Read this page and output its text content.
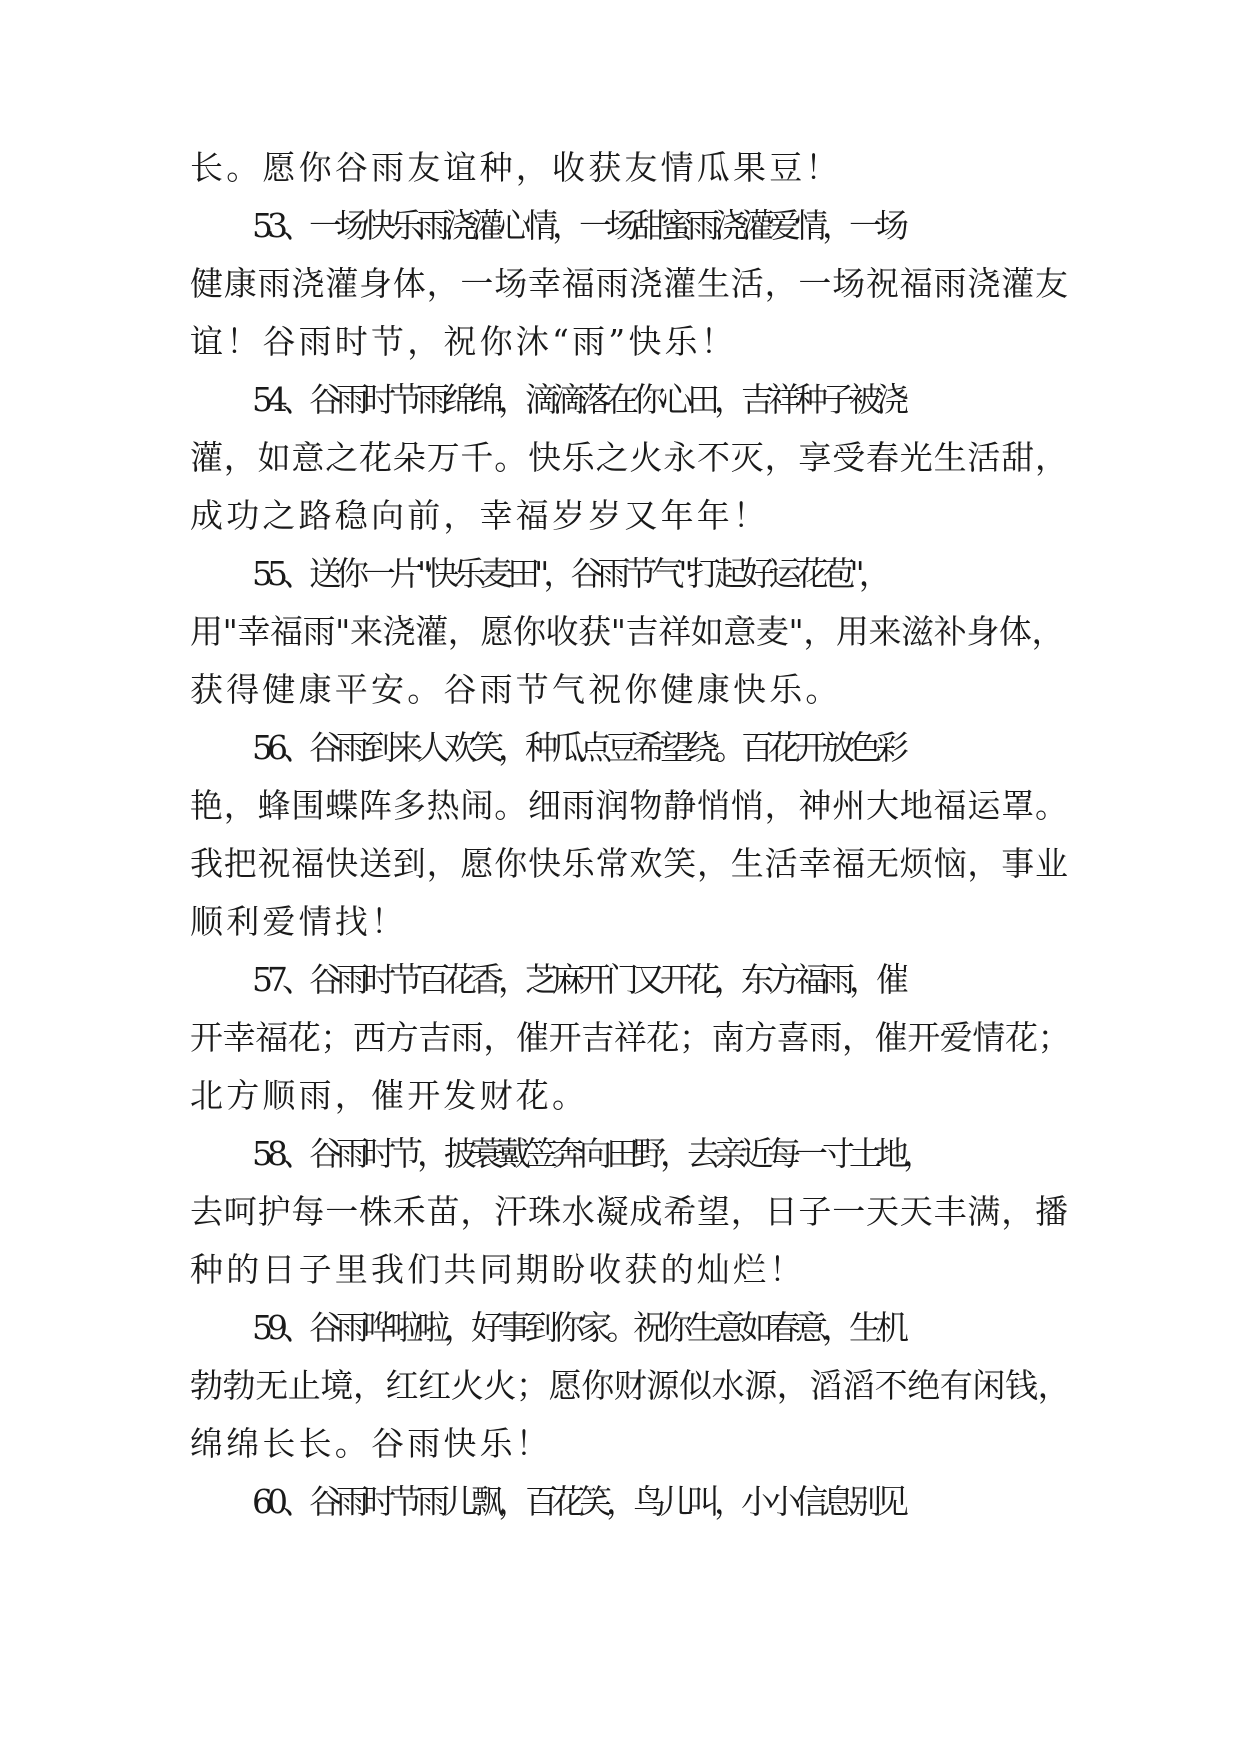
长。愿你谷雨友谊种，收获友情瓜果豆！
53、一场快乐雨浇灌心情，一场甜蜜雨浇灌爱情，一场
健康雨浇灌身体，一场幸福雨浇灌生活，一场祝福雨浇灌友
谊！谷雨时节，祝你沐“雨”快乐！
54、谷雨时节雨绵绵，滴滴落在你心田，吉祥种子被浇
灌，如意之花朵万千。快乐之火永不灭，享受春光生活甜，
成功之路稳向前，幸福岁岁又年年！
55、送你一片"快乐麦田"，谷雨节气"打起好运花苞"，
用"幸福雨"来浇灌，愿你收获"吉祥如意麦"，用来滋补身体，
获得健康平安。谷雨节气祝你健康快乐。
56、谷雨到来人欢笑，种瓜点豆希望绕。百花开放色彩
艳，蜂围蝶阵多热闹。细雨润物静悄悄，神州大地福运罩。
我把祝福快送到，愿你快乐常欢笑，生活幸福无烦恼，事业
顺利爱情找！
57、谷雨时节百花香，芝麻开门又开花，东方福雨，催
开幸福花；西方吉雨，催开吉祥花；南方喜雨，催开爱情花；
北方顺雨，催开发财花。
58、谷雨时节，披蓑戴笠奔向田野，去亲近每一寸土地，
去呵护每一株禾苗，汗珠水凝成希望，日子一天天丰满，播
种的日子里我们共同期盼收获的灿烂！
59、谷雨哗啦啦，好事到你家。祝你生意如春意，生机
勃勃无止境，红红火火；愿你财源似水源，滔滔不绝有闲钱，
绵绵长长。谷雨快乐！
60、谷雨时节雨儿飘，百花笑，鸟儿叫，小小信息别见
